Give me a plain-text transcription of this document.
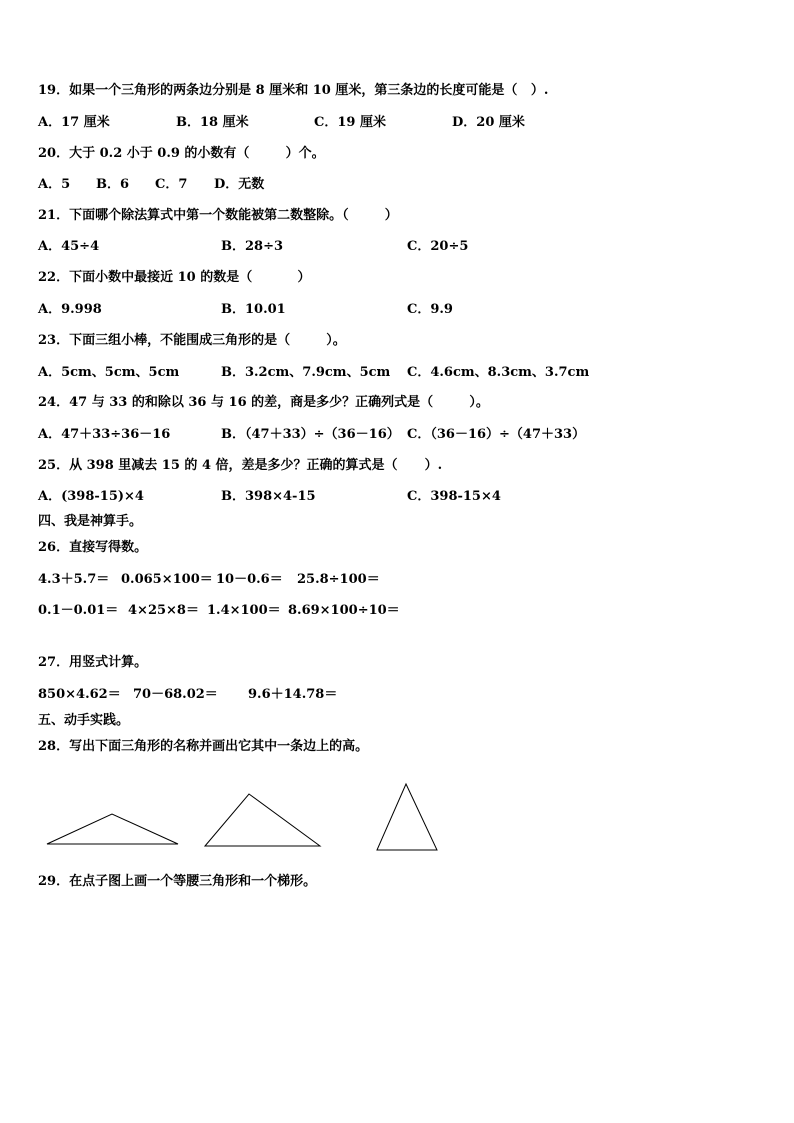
19．如果一个三角形的两条边分别是 8 厘米和 10 厘米，第三条边的长度可能是（   ）.
A．17 厘米	B．18 厘米	C．19 厘米	D．20 厘米
20．大于 0.2 小于 0.9 的小数有（        ）个。
A．5 B．6 C．7 D．无数
21．下面哪个除法算式中第一个数能被第二数整除。（        ）
A．45÷4	B．28÷3	C．20÷5
22．下面小数中最接近 10 的数是（          ）
A．9.998	B．10.01	C．9.9
23．下面三组小棒，不能围成三角形的是（        ）。
A．5cm、5cm、5cm	B．3.2cm、7.9cm、5cm C．4.6cm、8.3cm、3.7cm
24．47 与 33 的和除以 36 与 16 的差，商是多少？正确列式是（        ）。
A．47＋33÷36－16	B．（47＋33）÷（36－16） C．（36－16）÷（47＋33）
25．从 398 里减去 15 的 4 倍，差是多少？正确的算式是（      ）.
A．(398-15)×4	B．398×4-15	C．398-15×4
四、我是神算手。
26．直接写得数。
4.3＋5.7＝ 0.065×100＝ 10－0.6＝ 25.8÷100＝
0.1－0.01＝ 4×25×8＝ 1.4×100＝ 8.69×100÷10＝
27．用竖式计算。
850×4.62＝ 70－68.02＝ 9.6＋14.78＝
五、动手实践。
28．写出下面三角形的名称并画出它其中一条边上的高。
29．在点子图上画一个等腰三角形和一个梯形。
